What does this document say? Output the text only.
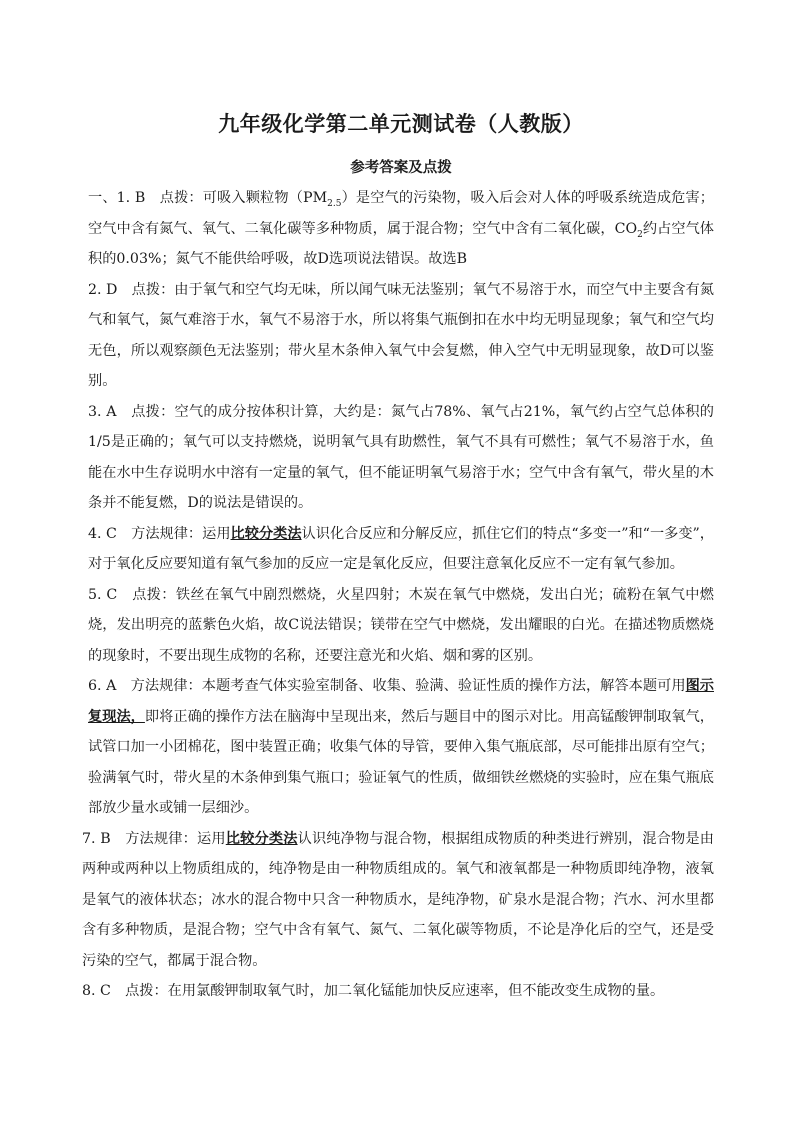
九年级化学第二单元测试卷（人教版）
参考答案及点拨
一、1. B　点拨：可吸入颗粒物$(PM_{2.5})$是空气的污染物，吸入后会对人体的呼吸系统造成危害；空气中含有氮气、氧气、二氧化碳等多种物质，属于混合物；空气中含有二氧化碳，$CO_2$约占空气体积的0.03%；氮气不能供给呼吸，故D选项说法错误。故选B
2. D　点拨：由于氧气和空气均无味，所以闻气味无法鉴别；氧气不易溶于水，而空气中主要含有氮气和氧气，氮气难溶于水，氧气不易溶于水，所以将集气瓶倒扣在水中均无明显现象；氧气和空气均无色，所以观察颜色无法鉴别；带火星木条伸入氧气中会复燃，伸入空气中无明显现象，故D可以鉴别。
3. A　点拨：空气的成分按体积计算，大约是：氮气占78%、氧气占21%，氧气约占空气总体积的1/5是正确的；氧气可以支持燃烧，说明氧气具有助燃性，氧气不具有可燃性；氧气不易溶于水，鱼能在水中生存说明水中溶有一定量的氧气，但不能证明氧气易溶于水；空气中含有氧气，带火星的木条并不能复燃，D的说法是错误的。
4. C　方法规律：运用比较分类法认识化合反应和分解反应，抓住它们的特点“多变一”和“一多变”，对于氧化反应要知道有氧气参加的反应一定是氧化反应，但要注意氧化反应不一定有氧气参加。
5. C　点拨：铁丝在氧气中剧烈燃烧，火星四射；木炭在氧气中燃烧，发出白光；硫粉在氧气中燃烧，发出明亮的蓝紫色火焰，故C说法错误；镁带在空气中燃烧，发出耀眼的白光。在描述物质燃烧的现象时，不要出现生成物的名称，还要注意光和火焰、烟和雾的区别。
6. A　方法规律：本题考查气体实验室制备、收集、验满、验证性质的操作方法，解答本题可用图示复现法，即将正确的操作方法在脑海中呈现出来，然后与题目中的图示对比。用高锰酸钾制取氧气，试管口加一小团棉花，图中装置正确；收集气体的导管，要伸入集气瓶底部，尽可能排出原有空气；验满氧气时，带火星的木条伸到集气瓶口；验证氧气的性质，做细铁丝燃烧的实验时，应在集气瓶底部放少量水或铺一层细沙。
7. B　方法规律：运用比较分类法认识纯净物与混合物，根据组成物质的种类进行辨别，混合物是由两种或两种以上物质组成的，纯净物是由一种物质组成的。氧气和液氧都是一种物质即纯净物，液氧是氧气的液体状态；冰水的混合物中只含一种物质水，是纯净物，矿泉水是混合物；汽水、河水里都含有多种物质，是混合物；空气中含有氧气、氮气、二氧化碳等物质，不论是净化后的空气，还是受污染的空气，都属于混合物。
8. C　点拨：在用氯酸钾制取氧气时，加二氧化锰能加快反应速率，但不能改变生成物的量。
